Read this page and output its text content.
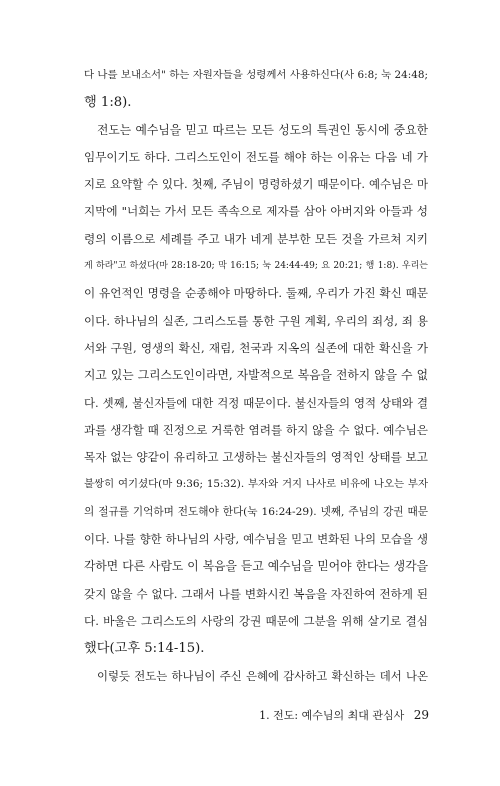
다 나를 보내소서" 하는 자원자들을 성령께서 사용하신다(사 6:8; 눅 24:48;
행 1:8).
전도는 예수님을 믿고 따르는 모든 성도의 특권인 동시에 중요한
임무이기도 하다. 그리스도인이 전도를 해야 하는 이유는 다음 네 가
지로 요약할 수 있다. 첫째, 주님이 명령하셨기 때문이다. 예수님은 마
지막에 "너희는 가서 모든 족속으로 제자를 삼아 아버지와 아들과 성
령의 이름으로 세례를 주고 내가 네게 분부한 모든 것을 가르쳐 지키
게 하라"고 하셨다(마 28:18-20; 막 16:15; 눅 24:44-49; 요 20:21; 행 1:8). 우리는
이 유언적인 명령을 순종해야 마땅하다. 둘째, 우리가 가진 확신 때문
이다. 하나님의 실존, 그리스도를 통한 구원 계획, 우리의 죄성, 죄 용
서와 구원, 영생의 확신, 재림, 천국과 지옥의 실존에 대한 확신을 가
지고 있는 그리스도인이라면, 자발적으로 복음을 전하지 않을 수 없
다. 셋째, 불신자들에 대한 걱정 때문이다. 불신자들의 영적 상태와 결
과를 생각할 때 진정으로 거룩한 염려를 하지 않을 수 없다. 예수님은
목자 없는 양같이 유리하고 고생하는 불신자들의 영적인 상태를 보고
불쌍히 여기셨다(마 9:36; 15:32). 부자와 거지 나사로 비유에 나오는 부자
의 절규를 기억하며 전도해야 한다(눅 16:24-29). 넷째, 주님의 강권 때문
이다. 나를 향한 하나님의 사랑, 예수님을 믿고 변화된 나의 모습을 생
각하면 다른 사람도 이 복음을 듣고 예수님을 믿어야 한다는 생각을
갖지 않을 수 없다. 그래서 나를 변화시킨 복음을 자진하여 전하게 된
다. 바울은 그리스도의 사랑의 강권 때문에 그분을 위해 살기로 결심
했다(고후 5:14-15).
이렇듯 전도는 하나님이 주신 은혜에 감사하고 확신하는 데서 나온
1. 전도: 예수님의 최대 관심사 29
